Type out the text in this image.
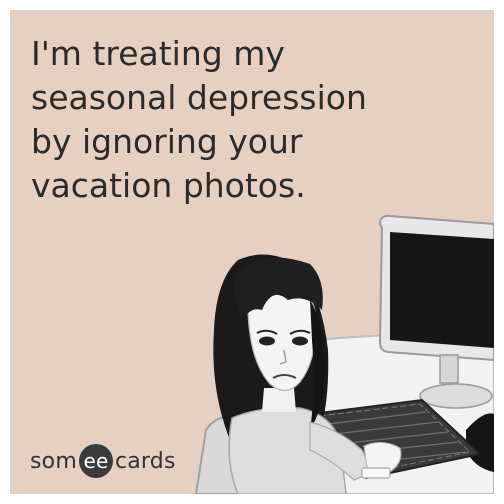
I'm treating my
seasonal depression
by ignoring your
vacation photos.
som ee cards
